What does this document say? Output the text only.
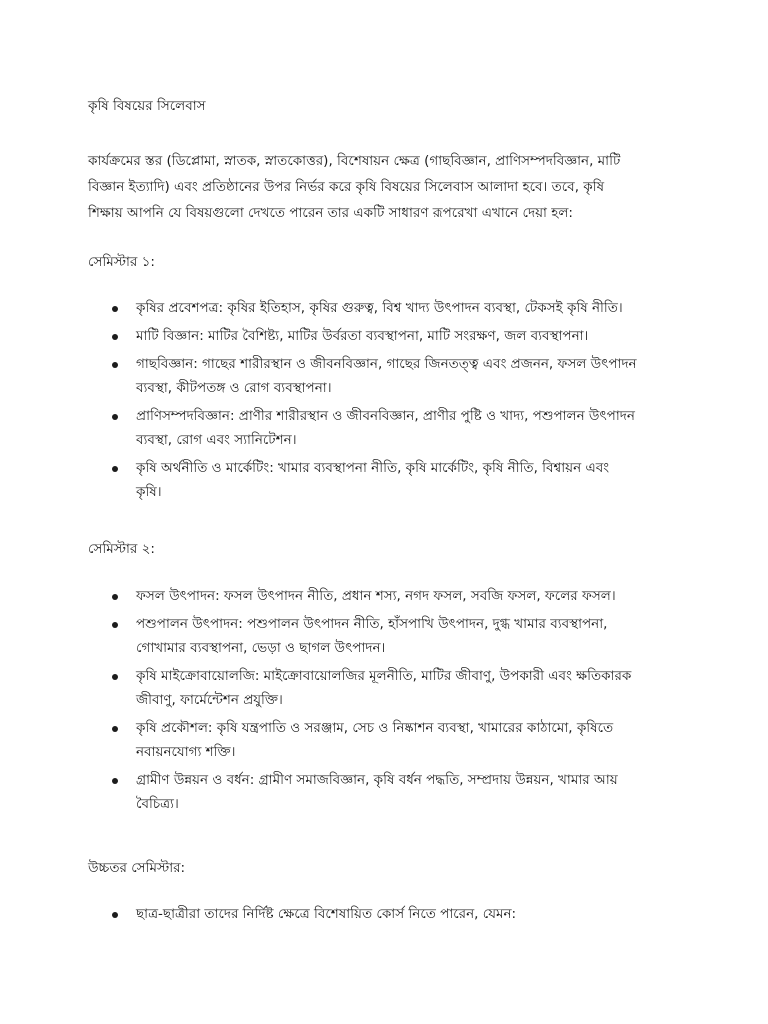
কৃষি বিষয়ের সিলেবাস

কার্যক্রমের স্তর (ডিপ্লোমা, স্নাতক, স্নাতকোত্তর), বিশেষায়ন ক্ষেত্র (গাছবিজ্ঞান, প্রাণিসম্পদবিজ্ঞান, মাটি
বিজ্ঞান ইত্যাদি) এবং প্রতিষ্ঠানের উপর নির্ভর করে কৃষি বিষয়ের সিলেবাস আলাদা হবে। তবে, কৃষি
শিক্ষায় আপনি যে বিষয়গুলো দেখতে পারেন তার একটি সাধারণ রূপরেখা এখানে দেয়া হল:

সেমিস্টার ১:
কৃষির প্রবেশপত্র: কৃষির ইতিহাস, কৃষির গুরুত্ব, বিশ্ব খাদ্য উৎপাদন ব্যবস্থা, টেকসই কৃষি নীতি।
মাটি বিজ্ঞান: মাটির বৈশিষ্ট্য, মাটির উর্বরতা ব্যবস্থাপনা, মাটি সংরক্ষণ, জল ব্যবস্থাপনা।
গাছবিজ্ঞান: গাছের শারীরস্থান ও জীবনবিজ্ঞান, গাছের জিনতত্ত্ব এবং প্রজনন, ফসল উৎপাদন
ব্যবস্থা, কীটপতঙ্গ ও রোগ ব্যবস্থাপনা।
প্রাণিসম্পদবিজ্ঞান: প্রাণীর শারীরস্থান ও জীবনবিজ্ঞান, প্রাণীর পুষ্টি ও খাদ্য, পশুপালন উৎপাদন
ব্যবস্থা, রোগ এবং স্যানিটেশন।
কৃষি অর্থনীতি ও মার্কেটিং: খামার ব্যবস্থাপনা নীতি, কৃষি মার্কেটিং, কৃষি নীতি, বিশ্বায়ন এবং
কৃষি।
সেমিস্টার ২:
ফসল উৎপাদন: ফসল উৎপাদন নীতি, প্রধান শস্য, নগদ ফসল, সবজি ফসল, ফলের ফসল।
পশুপালন উৎপাদন: পশুপালন উৎপাদন নীতি, হাঁসপাখি উৎপাদন, দুগ্ধ খামার ব্যবস্থাপনা,
গোখামার ব্যবস্থাপনা, ভেড়া ও ছাগল উৎপাদন।
কৃষি মাইক্রোবায়োলজি: মাইক্রোবায়োলজির মূলনীতি, মাটির জীবাণু, উপকারী এবং ক্ষতিকারক
জীবাণু, ফার্মেন্টেশন প্রযুক্তি।
কৃষি প্রকৌশল: কৃষি যন্ত্রপাতি ও সরঞ্জাম, সেচ ও নিষ্কাশন ব্যবস্থা, খামারের কাঠামো, কৃষিতে
নবায়নযোগ্য শক্তি।
গ্রামীণ উন্নয়ন ও বর্ধন: গ্রামীণ সমাজবিজ্ঞান, কৃষি বর্ধন পদ্ধতি, সম্প্রদায় উন্নয়ন, খামার আয়
বৈচিত্র্য।
উচ্চতর সেমিস্টার:
ছাত্র-ছাত্রীরা তাদের নির্দিষ্ট ক্ষেত্রে বিশেষায়িত কোর্স নিতে পারেন, যেমন:
